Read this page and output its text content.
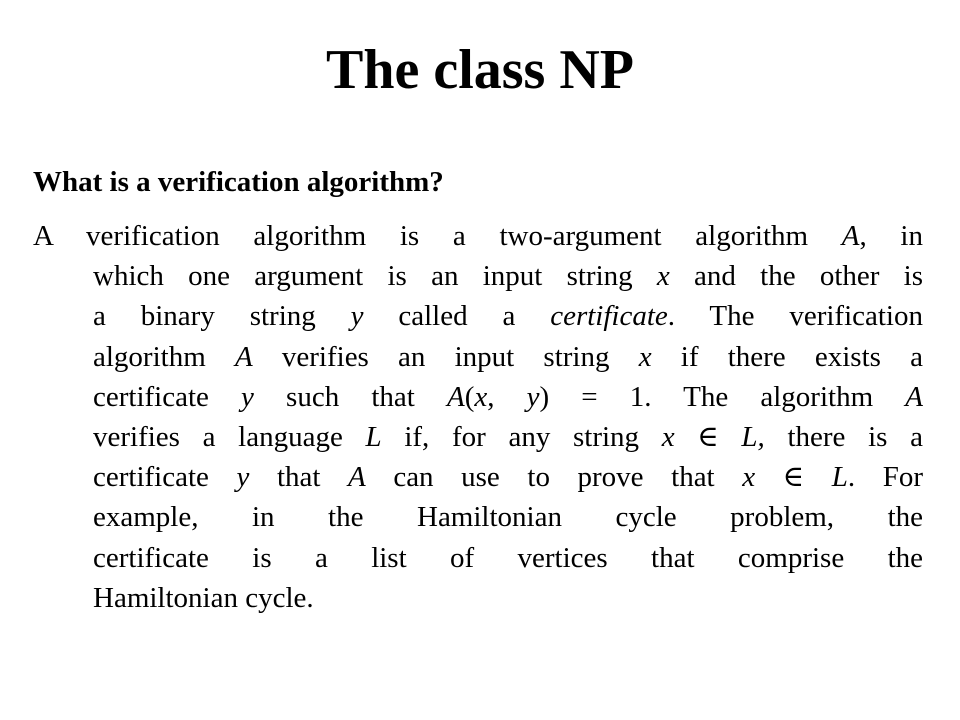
The class NP

What is a verification algorithm?

A verification algorithm is a two-argument algorithm A, in
which one argument is an input string x and the other is
a binary string y called a certificate. The verification
algorithm A verifies an input string x if there exists a
certificate y such that A(x, y) = 1. The algorithm A
verifies a language L if, for any string x ∈ L, there is a
certificate y that A can use to prove that x ∈ L. For
example, in the Hamiltonian cycle problem, the
certificate is a list of vertices that comprise the
Hamiltonian cycle.
